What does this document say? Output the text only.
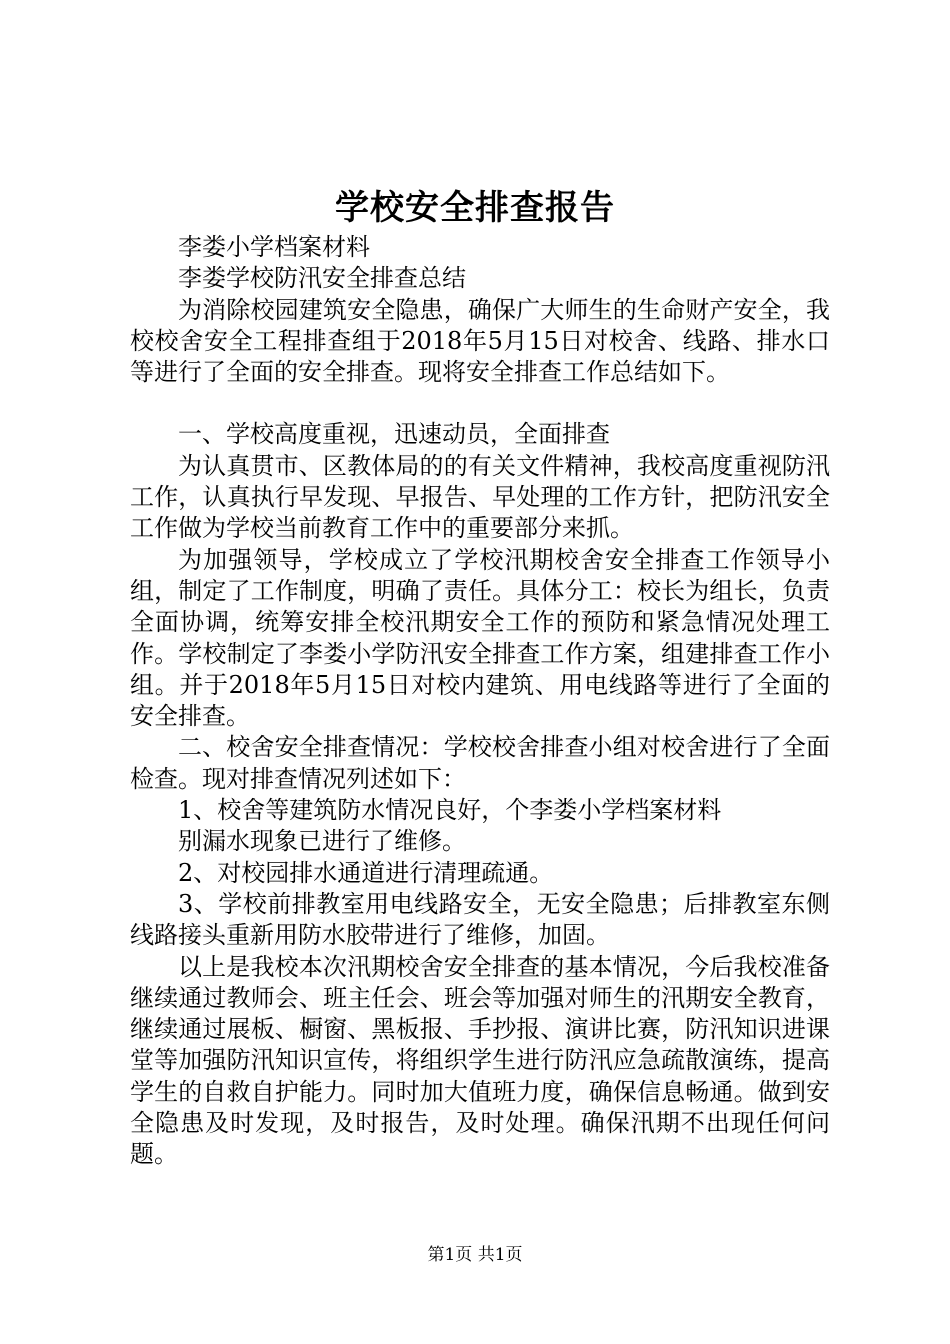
学校安全排查报告

李娄小学档案材料

李娄学校防汛安全排查总结

为消除校园建筑安全隐患，确保广大师生的生命财产安全，我校校舍安全工程排查组于2018年5月15日对校舍、线路、排水口等进行了全面的安全排查。现将安全排查工作总结如下。

一、学校高度重视，迅速动员，全面排查

为认真贯市、区教体局的的有关文件精神，我校高度重视防汛工作，认真执行早发现、早报告、早处理的工作方针，把防汛安全工作做为学校当前教育工作中的重要部分来抓。

为加强领导，学校成立了学校汛期校舍安全排查工作领导小组，制定了工作制度，明确了责任。具体分工：校长为组长，负责全面协调，统筹安排全校汛期安全工作的预防和紧急情况处理工作。学校制定了李娄小学防汛安全排查工作方案，组建排查工作小组。并于2018年5月15日对校内建筑、用电线路等进行了全面的安全排查。

二、校舍安全排查情况：学校校舍排查小组对校舍进行了全面检查。现对排查情况列述如下：

1、校舍等建筑防水情况良好，个李娄小学档案材料

别漏水现象已进行了维修。

2、对校园排水通道进行清理疏通。

3、学校前排教室用电线路安全，无安全隐患；后排教室东侧线路接头重新用防水胶带进行了维修，加固。

以上是我校本次汛期校舍安全排查的基本情况，今后我校准备继续通过教师会、班主任会、班会等加强对师生的汛期安全教育，继续通过展板、橱窗、黑板报、手抄报、演讲比赛，防汛知识进课堂等加强防汛知识宣传，将组织学生进行防汛应急疏散演练，提高学生的自救自护能力。同时加大值班力度，确保信息畅通。做到安全隐患及时发现，及时报告，及时处理。确保汛期不出现任何问题。

第1页 共1页
